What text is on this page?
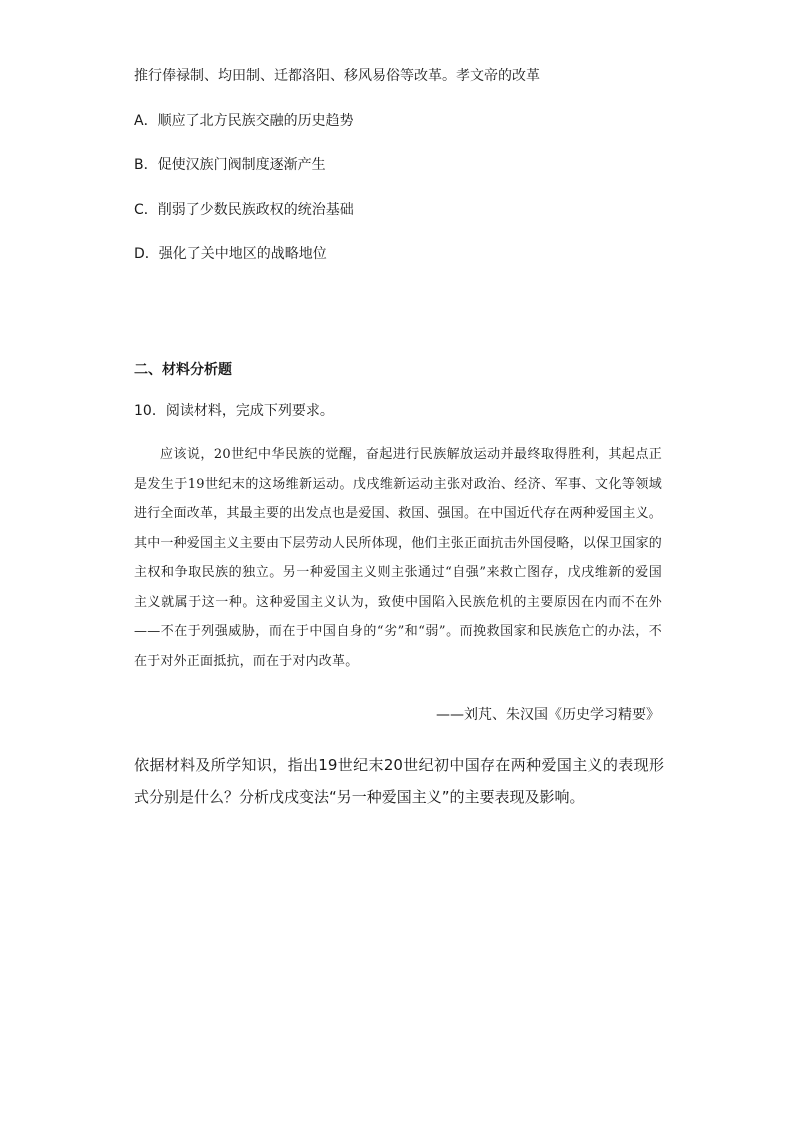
推行俸禄制、均田制、迁都洛阳、移风易俗等改革。孝文帝的改革
A．顺应了北方民族交融的历史趋势
B．促使汉族门阀制度逐渐产生
C．削弱了少数民族政权的统治基础
D．强化了关中地区的战略地位
二、材料分析题
10．阅读材料，完成下列要求。
应该说，20世纪中华民族的觉醒，奋起进行民族解放运动并最终取得胜利，其起点正是发生于19世纪末的这场维新运动。戊戌维新运动主张对政治、经济、军事、文化等领域进行全面改革，其最主要的出发点也是爱国、救国、强国。在中国近代存在两种爱国主义。其中一种爱国主义主要由下层劳动人民所体现，他们主张正面抗击外国侵略，以保卫国家的主权和争取民族的独立。另一种爱国主义则主张通过“自强”来救亡图存，戊戌维新的爱国主义就属于这一种。这种爱国主义认为，致使中国陷入民族危机的主要原因在内而不在外——不在于列强威胁，而在于中国自身的“劣”和“弱”。而挽救国家和民族危亡的办法，不在于对外正面抵抗，而在于对内改革。
——刘芃、朱汉国《历史学习精要》
依据材料及所学知识，指出19世纪末20世纪初中国存在两种爱国主义的表现形式分别是什么？分析戊戌变法“另一种爱国主义”的主要表现及影响。
